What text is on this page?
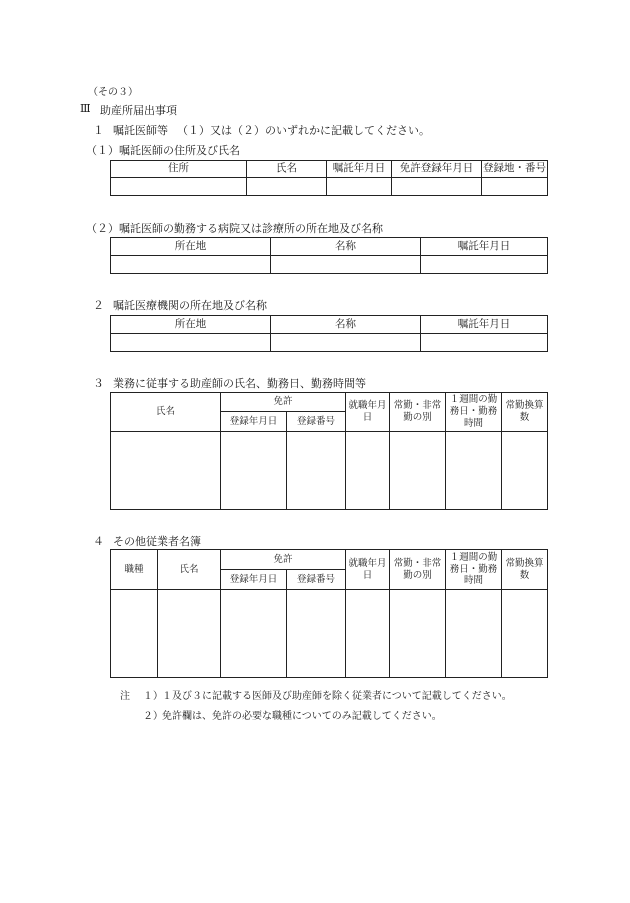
（その３）
Ⅲ 助産所届出事項
１ 嘱託医師等 （１）又は（２）のいずれかに記載してください。
（１）嘱託医師の住所及び氏名
住所	氏名	嘱託年月日	免許登録年月日	登録地・番号

（２）嘱託医師の勤務する病院又は診療所の所在地及び名称
所在地	名称	嘱託年月日

２ 嘱託医療機関の所在地及び名称
所在地	名称	嘱託年月日

３ 業務に従事する助産師の氏名、勤務日、勤務時間等
氏名	免許		就職年月日	常勤・非常勤の別	１週間の勤務日・勤務時間	常勤換算数
	登録年月日	登録番号				

４ その他従業者名簿
職種	氏名	免許		就職年月日	常勤・非常勤の別	１週間の勤務日・勤務時間	常勤換算数
		登録年月日	登録番号				

注 １） １及び３に記載する医師及び助産師を除く従業者について記載してください。
２） 免許欄は、免許の必要な職種についてのみ記載してください。
